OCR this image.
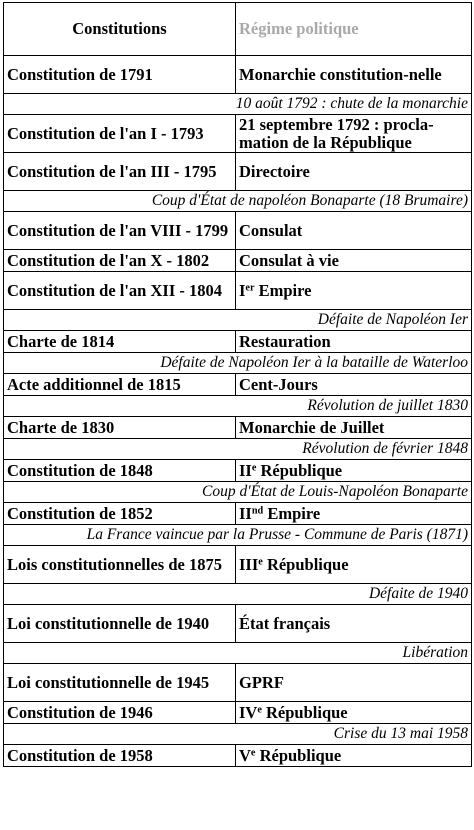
Constitutions	Régime politique
Constitution de 1791	Monarchie constitution-nelle
10 août 1792 : chute de la monarchie	
Constitution de l'an I - 1793	21 septembre 1792 : procla-mation de la République
Constitution de l'an III - 1795	Directoire
Coup d'État de napoléon Bonaparte (18 Brumaire)	
Constitution de l'an VIII - 1799	Consulat
Constitution de l'an X - 1802	Consulat à vie
Constitution de l'an XII - 1804	Ier Empire
Défaite de Napoléon Ier	
Charte de 1814	Restauration
Défaite de Napoléon Ier à la bataille de Waterloo	
Acte additionnel de 1815	Cent-Jours
Révolution de juillet 1830	
Charte de 1830	Monarchie de Juillet
Révolution de février 1848	
Constitution de 1848	IIe République
Coup d'État de Louis-Napoléon Bonaparte	
Constitution de 1852	IInd Empire
La France vaincue par la Prusse - Commune de Paris (1871)	
Lois constitutionnelles de 1875	IIIe République
Défaite de 1940	
Loi constitutionnelle de 1940	État français
Libération	
Loi constitutionnelle de 1945	GPRF
Constitution de 1946	IVe République
Crise du 13 mai 1958	
Constitution de 1958	Ve République
